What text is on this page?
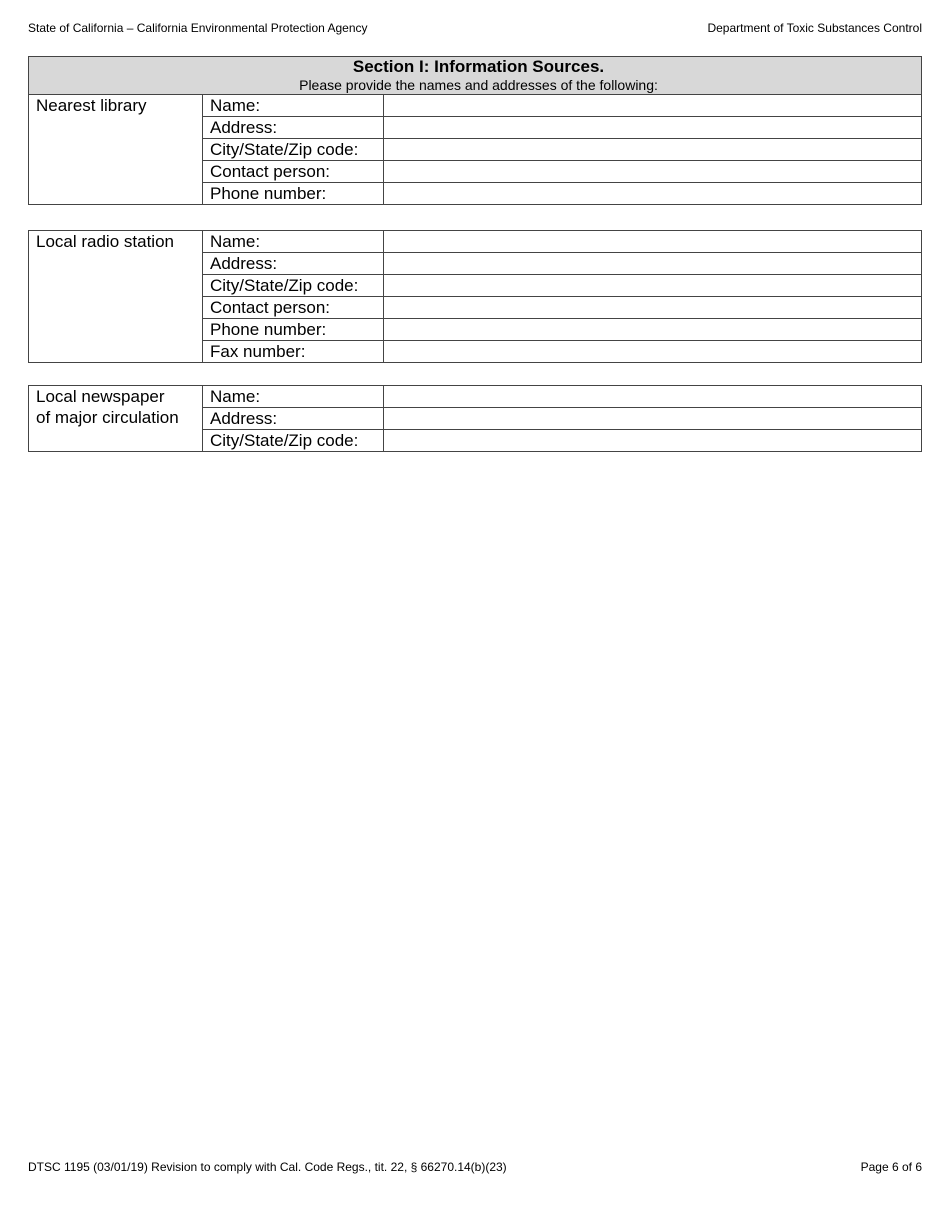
State of California – California Environmental Protection Agency	Department of Toxic Substances Control
Section I: Information Sources.
Please provide the names and addresses of the following:		

Nearest library	Name:	
	Address:	
	City/State/Zip code:	
	Contact person:	
	Phone number:	
Local radio station	Name:	
	Address:	
	City/State/Zip code:	
	Contact person:	
	Phone number:	
	Fax number:	
Local newspaper
of major circulation	Name:	
	Address:	
	City/State/Zip code:	
DTSC 1195 (03/01/19) Revision to comply with Cal. Code Regs., tit. 22, § 66270.14(b)(23)	Page 6 of 6
